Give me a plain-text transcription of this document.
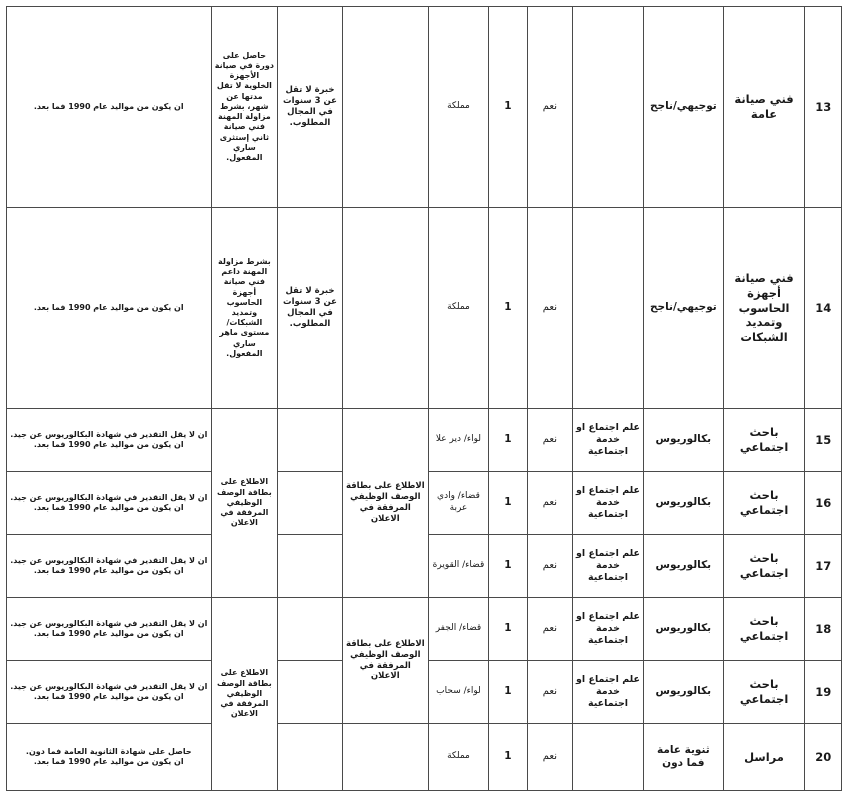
13	فني صيانة عامة	توجيهي/ناجح		نعم	1	مملكة		خبرة لا تقل عن 3 سنوات في المجال المطلوب.	حاصل على دورة في صيانة الأجهزة الخلوية لا تقل مدتها عن شهر، بشرط مزاولة المهنة فني صيانة ثاني إستثرى ساري المفعول.	ان يكون من مواليد عام 1990 فما بعد.

14	فني صيانة أجهزة الحاسوب وتمديد الشبكات	توجيهي/ناجح		نعم	1	مملكة		خبرة لا تقل عن 3 سنوات في المجال المطلوب.	بشرط مزاولة المهنة داعم فني صيانة أجهزة الحاسوب وتمديد الشبكات/ مستوى ماهر ساري المفعول.	ان يكون من مواليد عام 1990 فما بعد.

15	باحث اجتماعي	بكالوريوس	علم اجتماع او خدمة اجتماعية	نعم	1	لواء/ دير علا	الاطلاع على بطاقة الوصف الوظيفي المرفقة في الاعلان		الاطلاع على بطاقة الوصف الوظيفي المرفقة في الاعلان	ان لا يقل التقدير في شهادة البكالوريوس عن جيد.
ان يكون من مواليد عام 1990 فما بعد.

16	باحث اجتماعي	بكالوريوس	علم اجتماع او خدمة اجتماعية	نعم	1	قضاء/ وادي عربة				ان لا يقل التقدير في شهادة البكالوريوس عن جيد.
ان يكون من مواليد عام 1990 فما بعد.

17	باحث اجتماعي	بكالوريوس	علم اجتماع او خدمة اجتماعية	نعم	1	قضاء/ القويرة				ان لا يقل التقدير في شهادة البكالوريوس عن جيد.
ان يكون من مواليد عام 1990 فما بعد.

18	باحث اجتماعي	بكالوريوس	علم اجتماع او خدمة اجتماعية	نعم	1	قضاء/ الجفر	الاطلاع على بطاقة الوصف الوظيفي المرفقة في الاعلان		الاطلاع على بطاقة الوصف الوظيفي المرفقة في الاعلان	ان لا يقل التقدير في شهادة البكالوريوس عن جيد.
ان يكون من مواليد عام 1990 فما بعد.

19	باحث اجتماعي	بكالوريوس	علم اجتماع او خدمة اجتماعية	نعم	1	لواء/ سحاب				ان لا يقل التقدير في شهادة البكالوريوس عن جيد.
ان يكون من مواليد عام 1990 فما بعد.

20	مراسل	ثنوية عامة فما دون		نعم	1	مملكة				حاصل على شهادة الثانوية العامة فما دون.
ان يكون من مواليد عام 1990 فما بعد.
